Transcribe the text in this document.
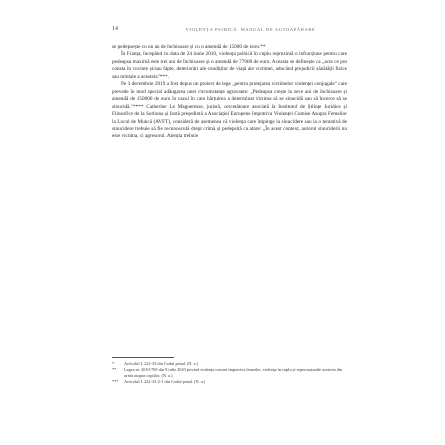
14	VIOLENȚA PSIHICĂ. MANUAL DE AUTOAPĂRARE

se pedepsește cu un an de închisoare și cu o amendă de 15000 de euro.**

În Franța, începând cu data de 24 iunie 2010, violența psihică în cuplu reprezintă o infracțiune pentru care pedeapsa maximă este trei ani de închisoare și o amendă de 77000 de euro. Aceasta se definește ca „acte ce pot consta în cuvinte și/sau fapte, deteriorări ale condiților de viață ale victimei, aducând prejudicii sănătății fizice sau mintale a acesteia"***.

Pe 3 decembrie 2019 a fost depus un proiect de lege „pentru protejarea victimelor violenței conjugale" care prevede în mod special adăugarea unei circumstanțe agravante: „Pedeapsa crește la zece ani de închisoare și amendă de 150000 de euro în cazul în care hărțuirea a determinat victima să se sinucidă sau să încerce să se sinucidă."**** Catherine Le Magueresse, juristă, cercetătoare asociată la Institutul de Științe Juridice și Filosofice de la Sorbona și fostă președintă a Asociației Europene împotriva Violenței Comise Asupra Femeilor la Locul de Muncă (AVFT), consideră de asemenea că violența care împinge la sinucidere sau la o tentativă de sinucidere trebuie să fie recunoscută drept crimă și pedepsită ca atare: „În acest context, autorul sinuciderii nu este victima, ci agresorul. Atenția trebuie

* Articolul L 222-33 din Codul penal. (N. a.)

** Legea nr. 2010-769 din 9 iulie 2010 privind violența comisă împotriva femeilor, violența în cuplu și repercusiunile acesteia din urmă asupra copiilor. (N. a.)

*** Articolul L 222-33-2-1 din Codul penal. (N. a.)
